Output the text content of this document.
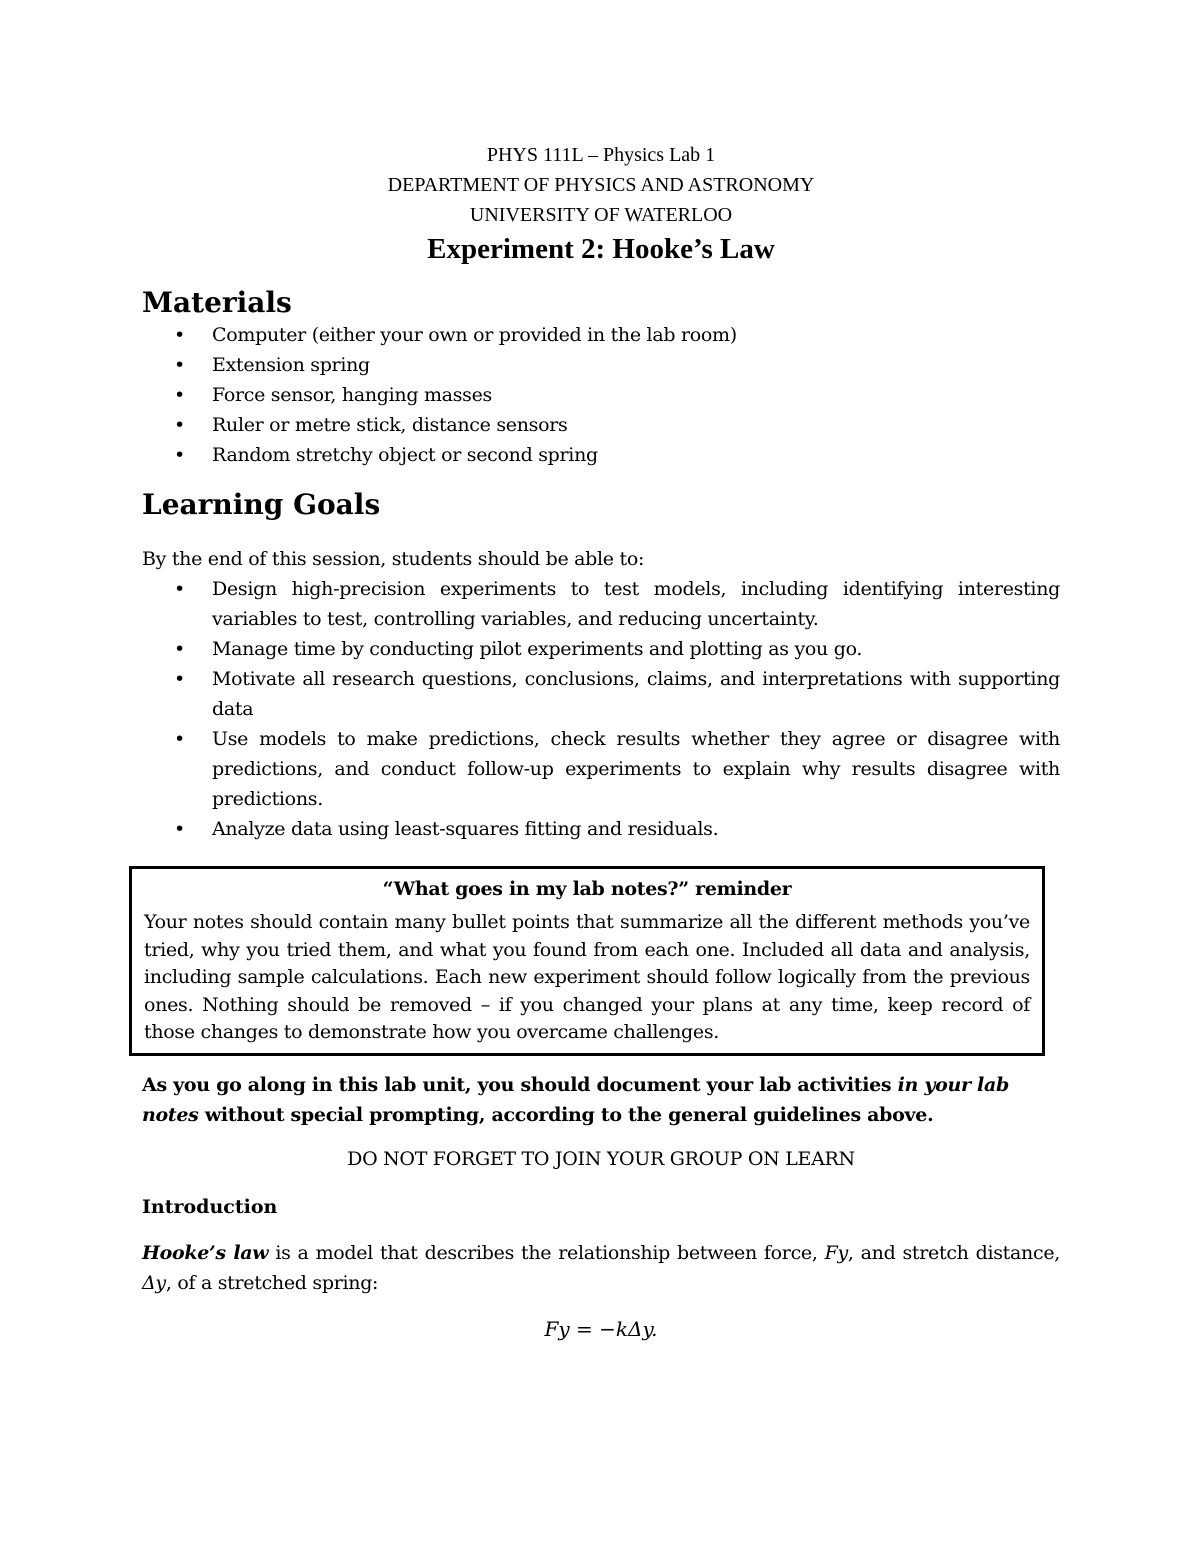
PHYS 111L – Physics Lab 1
DEPARTMENT OF PHYSICS AND ASTRONOMY
UNIVERSITY OF WATERLOO
Experiment 2: Hooke’s Law
Materials
• Computer (either your own or provided in the lab room)
• Extension spring
• Force sensor, hanging masses
• Ruler or metre stick, distance sensors
• Random stretchy object or second spring
Learning Goals
By the end of this session, students should be able to:
• Design high-precision experiments to test models, including identifying interesting variables to test, controlling variables, and reducing uncertainty.
• Manage time by conducting pilot experiments and plotting as you go.
• Motivate all research questions, conclusions, claims, and interpretations with supporting data
• Use models to make predictions, check results whether they agree or disagree with predictions, and conduct follow-up experiments to explain why results disagree with predictions.
• Analyze data using least-squares fitting and residuals.
“What goes in my lab notes?” reminder
Your notes should contain many bullet points that summarize all the different methods you’ve tried, why you tried them, and what you found from each one. Included all data and analysis, including sample calculations. Each new experiment should follow logically from the previous ones. Nothing should be removed – if you changed your plans at any time, keep record of those changes to demonstrate how you overcame challenges.
As you go along in this lab unit, you should document your lab activities in your lab notes without special prompting, according to the general guidelines above.
DO NOT FORGET TO JOIN YOUR GROUP ON LEARN
Introduction
Hooke’s law is a model that describes the relationship between force, Fy, and stretch distance, Δy, of a stretched spring:
Fy = −kΔy.
